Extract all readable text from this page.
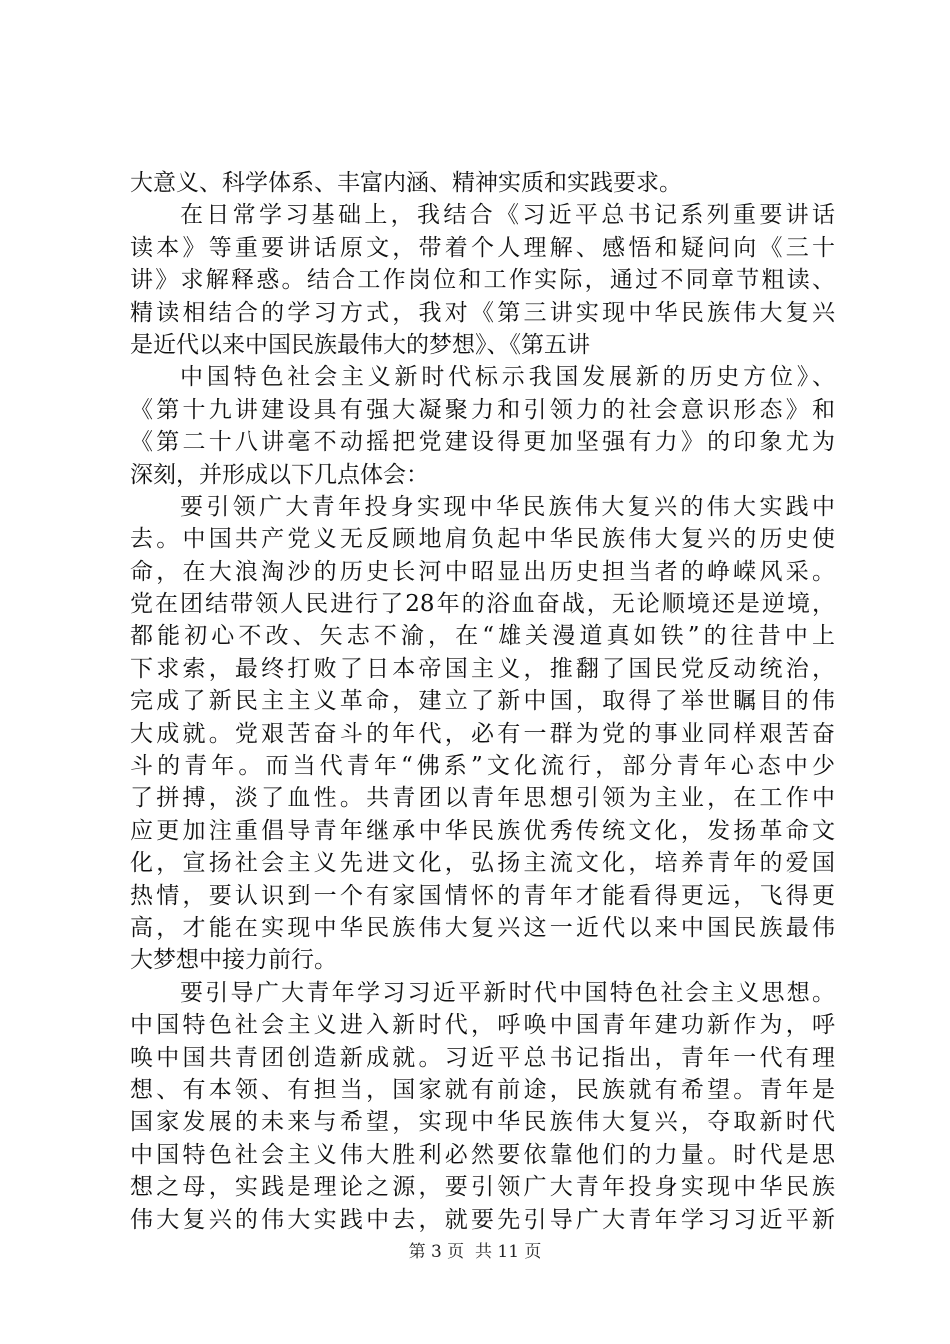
大意义、科学体系、丰富内涵、精神实质和实践要求。
在日常学习基础上，我结合《习近平总书记系列重要讲话
读本》等重要讲话原文，带着个人理解、感悟和疑问向《三十
讲》求解释惑。结合工作岗位和工作实际，通过不同章节粗读、
精读相结合的学习方式，我对《第三讲实现中华民族伟大复兴
是近代以来中国民族最伟大的梦想》、《第五讲
中国特色社会主义新时代标示我国发展新的历史方位》、
《第十九讲建设具有强大凝聚力和引领力的社会意识形态》和
《第二十八讲毫不动摇把党建设得更加坚强有力》的印象尤为
深刻，并形成以下几点体会：
要引领广大青年投身实现中华民族伟大复兴的伟大实践中
去。中国共产党义无反顾地肩负起中华民族伟大复兴的历史使
命，在大浪淘沙的历史长河中昭显出历史担当者的峥嵘风采。
党在团结带领人民进行了28年的浴血奋战，无论顺境还是逆境，
都能初心不改、矢志不渝，在“雄关漫道真如铁”的往昔中上
下求索，最终打败了日本帝国主义，推翻了国民党反动统治，
完成了新民主主义革命，建立了新中国，取得了举世瞩目的伟
大成就。党艰苦奋斗的年代，必有一群为党的事业同样艰苦奋
斗的青年。而当代青年“佛系”文化流行，部分青年心态中少
了拼搏，淡了血性。共青团以青年思想引领为主业，在工作中
应更加注重倡导青年继承中华民族优秀传统文化，发扬革命文
化，宣扬社会主义先进文化，弘扬主流文化，培养青年的爱国
热情，要认识到一个有家国情怀的青年才能看得更远，飞得更
高，才能在实现中华民族伟大复兴这一近代以来中国民族最伟
大梦想中接力前行。
要引导广大青年学习习近平新时代中国特色社会主义思想。
中国特色社会主义进入新时代，呼唤中国青年建功新作为，呼
唤中国共青团创造新成就。习近平总书记指出，青年一代有理
想、有本领、有担当，国家就有前途，民族就有希望。青年是
国家发展的未来与希望，实现中华民族伟大复兴，夺取新时代
中国特色社会主义伟大胜利必然要依靠他们的力量。时代是思
想之母，实践是理论之源，要引领广大青年投身实现中华民族
伟大复兴的伟大实践中去，就要先引导广大青年学习习近平新
第 3 页  共 11 页
